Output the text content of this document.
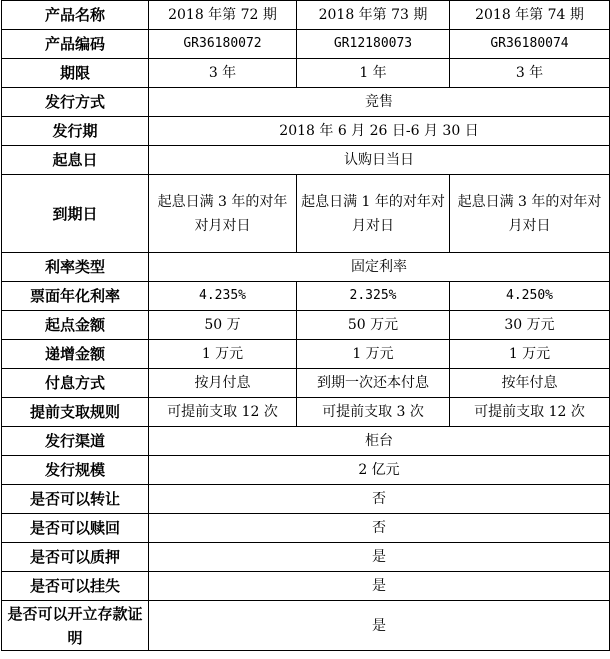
产品名称	2018 年第 72 期	2018 年第 73 期	2018 年第 74 期
产品编码	GR36180072	GR12180073	GR36180074
期限	3 年	1 年	3 年
发行方式	竞售		
发行期	2018 年 6 月 26 日-6 月 30 日		
起息日	认购日当日		
到期日	起息日满 3 年的对年对月对日	起息日满 1 年的对年对月对日	起息日满 3 年的对年对月对日
利率类型	固定利率		
票面年化利率	4.235%	2.325%	4.250%
起点金额	50 万	50 万元	30 万元
递增金额	1 万元	1 万元	1 万元
付息方式	按月付息	到期一次还本付息	按年付息
提前支取规则	可提前支取 12 次	可提前支取 3 次	可提前支取 12 次
发行渠道	柜台		
发行规模	2 亿元		
是否可以转让	否		
是否可以赎回	否		
是否可以质押	是		
是否可以挂失	是		
是否可以开立存款证明	是		
